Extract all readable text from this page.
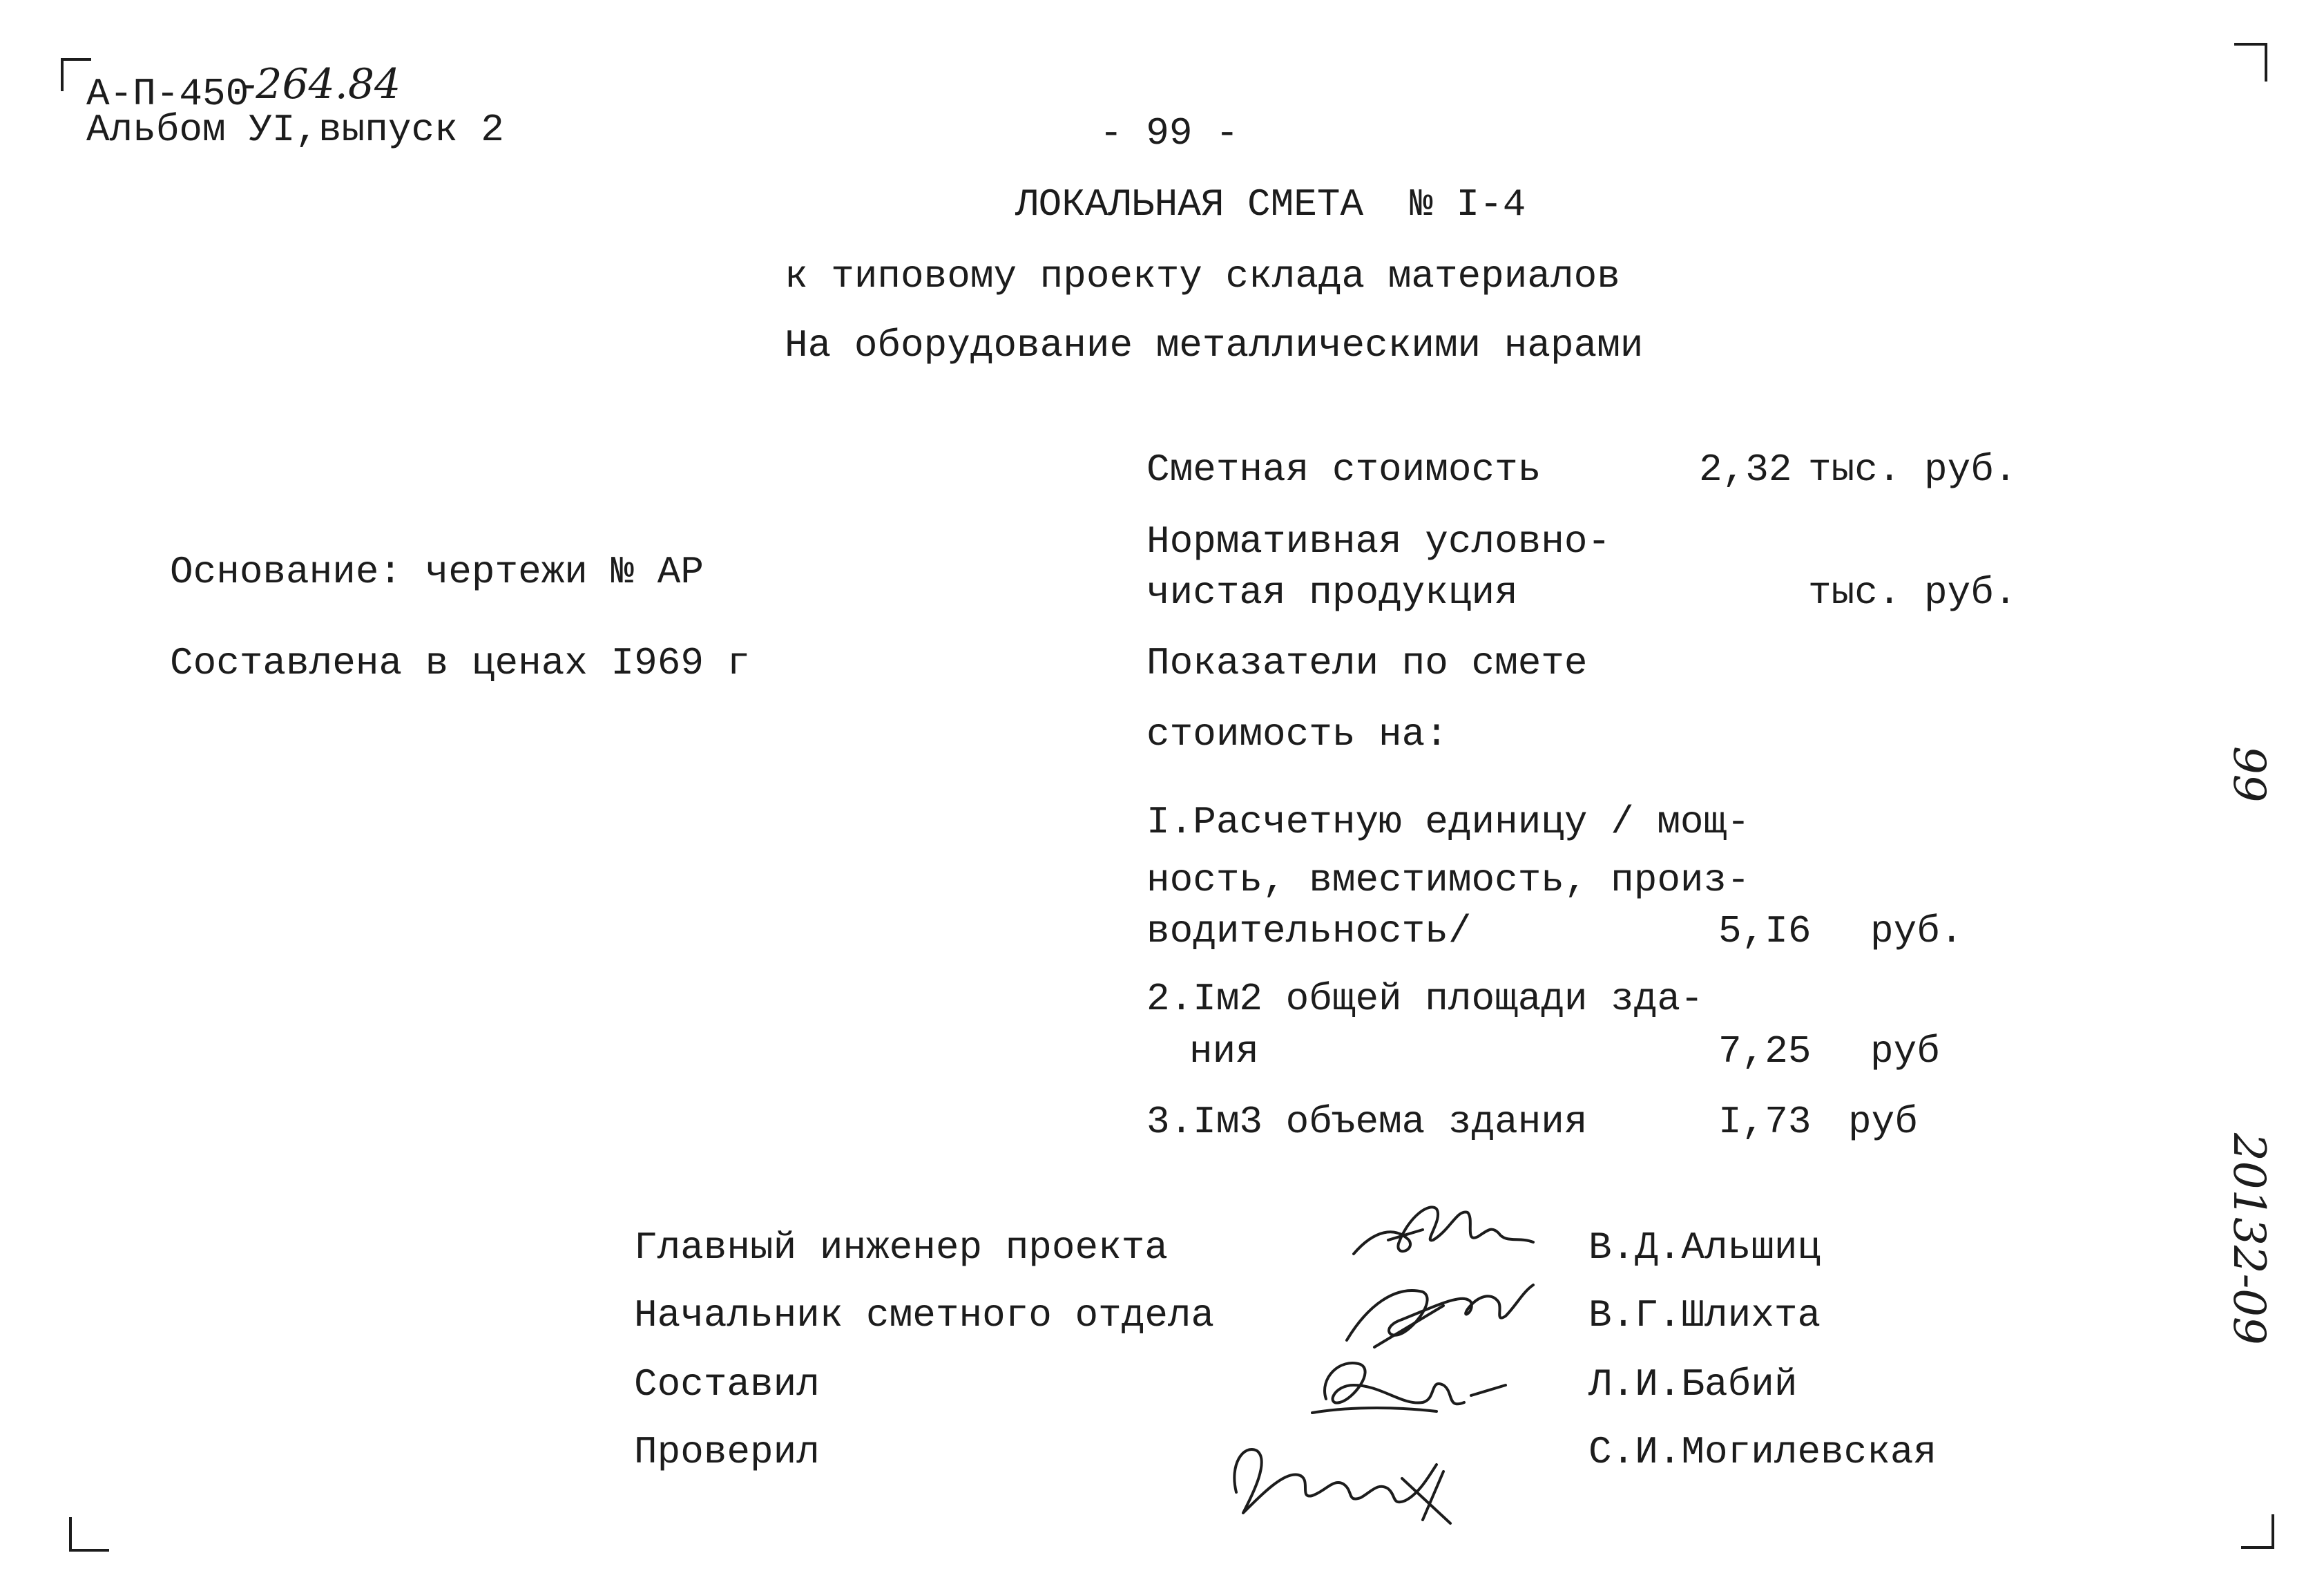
А-П-450
-264.84
Альбом УI,выпуск 2	- 99 -
ЛОКАЛЬНАЯ СМЕТА  № I-4
к типовому проекту склада материалов
На оборудование металлическими нарами
Основание: чертежи № АР
Составлена в ценах I969 г
Сметная стоимость	2,32 тыс. руб.
Нормативная условно-
чистая продукция	тыс. руб.
Показатели по смете
стоимость на:
I.Расчетную единицу / мощ-
ность, вместимость, произ-
водительность/	5,I6 руб.
2.Iм2 общей площади зда-
ния	7,25 руб
3.Iм3 объема здания	I,73 руб
Главный инженер проекта	В.Д.Альшиц
Начальник сметного отдела	В.Г.Шлихта
Составил	Л.И.Бабий
Проверил	С.И.Могилевская
99
20132-09
